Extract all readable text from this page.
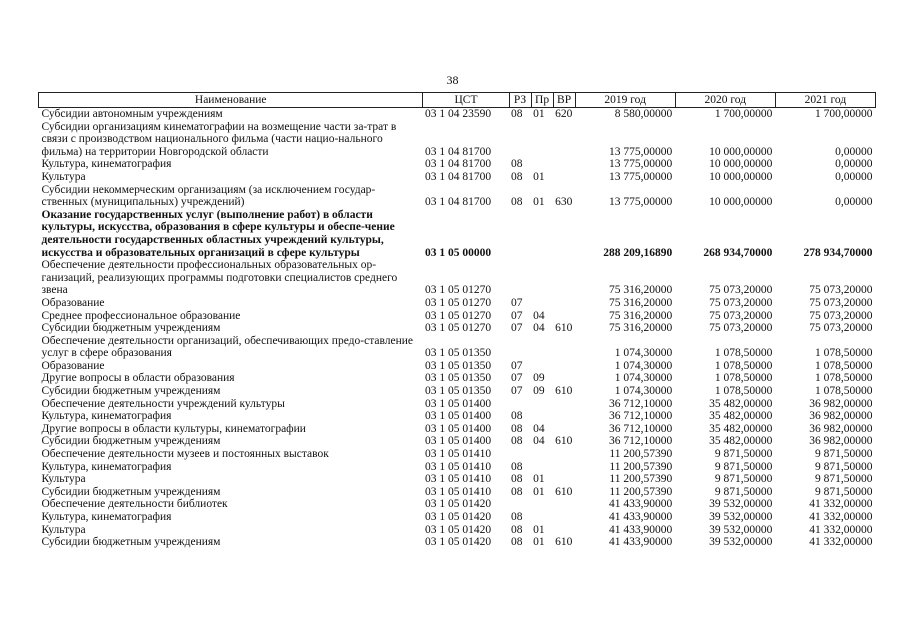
38
Наименование	ЦСТ	РЗ	Пр	ВР	2019 год	2020 год	2021 год
Субсидии автономным учреждениям	03 1 04 23590	08	01	620	8 580,00000	1 700,00000	1 700,00000
Субсидии организациям кинематографии на возмещение части за-трат в связи с производством национального фильма (части нацио-нального фильма) на территории Новгородской области	03 1 04 81700				13 775,00000	10 000,00000	0,00000
Культура, кинематография	03 1 04 81700	08			13 775,00000	10 000,00000	0,00000
Культура	03 1 04 81700	08	01		13 775,00000	10 000,00000	0,00000
Субсидии некоммерческим организациям (за исключением государ-ственных (муниципальных) учреждений)	03 1 04 81700	08	01	630	13 775,00000	10 000,00000	0,00000
Оказание государственных услуг (выполнение работ) в области культуры, искусства, образования в сфере культуры и обеспе-чение деятельности государственных областных учреждений культуры, искусства и образовательных организаций в сфере культуры	03 1 05 00000				288 209,16890	268 934,70000	278 934,70000
Обеспечение деятельности профессиональных образовательных ор-ганизаций, реализующих программы подготовки специалистов среднего звена	03 1 05 01270				75 316,20000	75 073,20000	75 073,20000
Образование	03 1 05 01270	07			75 316,20000	75 073,20000	75 073,20000
Среднее профессиональное образование	03 1 05 01270	07	04		75 316,20000	75 073,20000	75 073,20000
Субсидии бюджетным учреждениям	03 1 05 01270	07	04	610	75 316,20000	75 073,20000	75 073,20000
Обеспечение деятельности организаций, обеспечивающих предо-ставление услуг в сфере образования	03 1 05 01350				1 074,30000	1 078,50000	1 078,50000
Образование	03 1 05 01350	07			1 074,30000	1 078,50000	1 078,50000
Другие вопросы в области образования	03 1 05 01350	07	09		1 074,30000	1 078,50000	1 078,50000
Субсидии бюджетным учреждениям	03 1 05 01350	07	09	610	1 074,30000	1 078,50000	1 078,50000
Обеспечение деятельности учреждений культуры	03 1 05 01400				36 712,10000	35 482,00000	36 982,00000
Культура, кинематография	03 1 05 01400	08			36 712,10000	35 482,00000	36 982,00000
Другие вопросы в области культуры, кинематографии	03 1 05 01400	08	04		36 712,10000	35 482,00000	36 982,00000
Субсидии бюджетным учреждениям	03 1 05 01400	08	04	610	36 712,10000	35 482,00000	36 982,00000
Обеспечение деятельности музеев и постоянных выставок	03 1 05 01410				11 200,57390	9 871,50000	9 871,50000
Культура, кинематография	03 1 05 01410	08			11 200,57390	9 871,50000	9 871,50000
Культура	03 1 05 01410	08	01		11 200,57390	9 871,50000	9 871,50000
Субсидии бюджетным учреждениям	03 1 05 01410	08	01	610	11 200,57390	9 871,50000	9 871,50000
Обеспечение деятельности библиотек	03 1 05 01420				41 433,90000	39 532,00000	41 332,00000
Культура, кинематография	03 1 05 01420	08			41 433,90000	39 532,00000	41 332,00000
Культура	03 1 05 01420	08	01		41 433,90000	39 532,00000	41 332,00000
Субсидии бюджетным учреждениям	03 1 05 01420	08	01	610	41 433,90000	39 532,00000	41 332,00000
